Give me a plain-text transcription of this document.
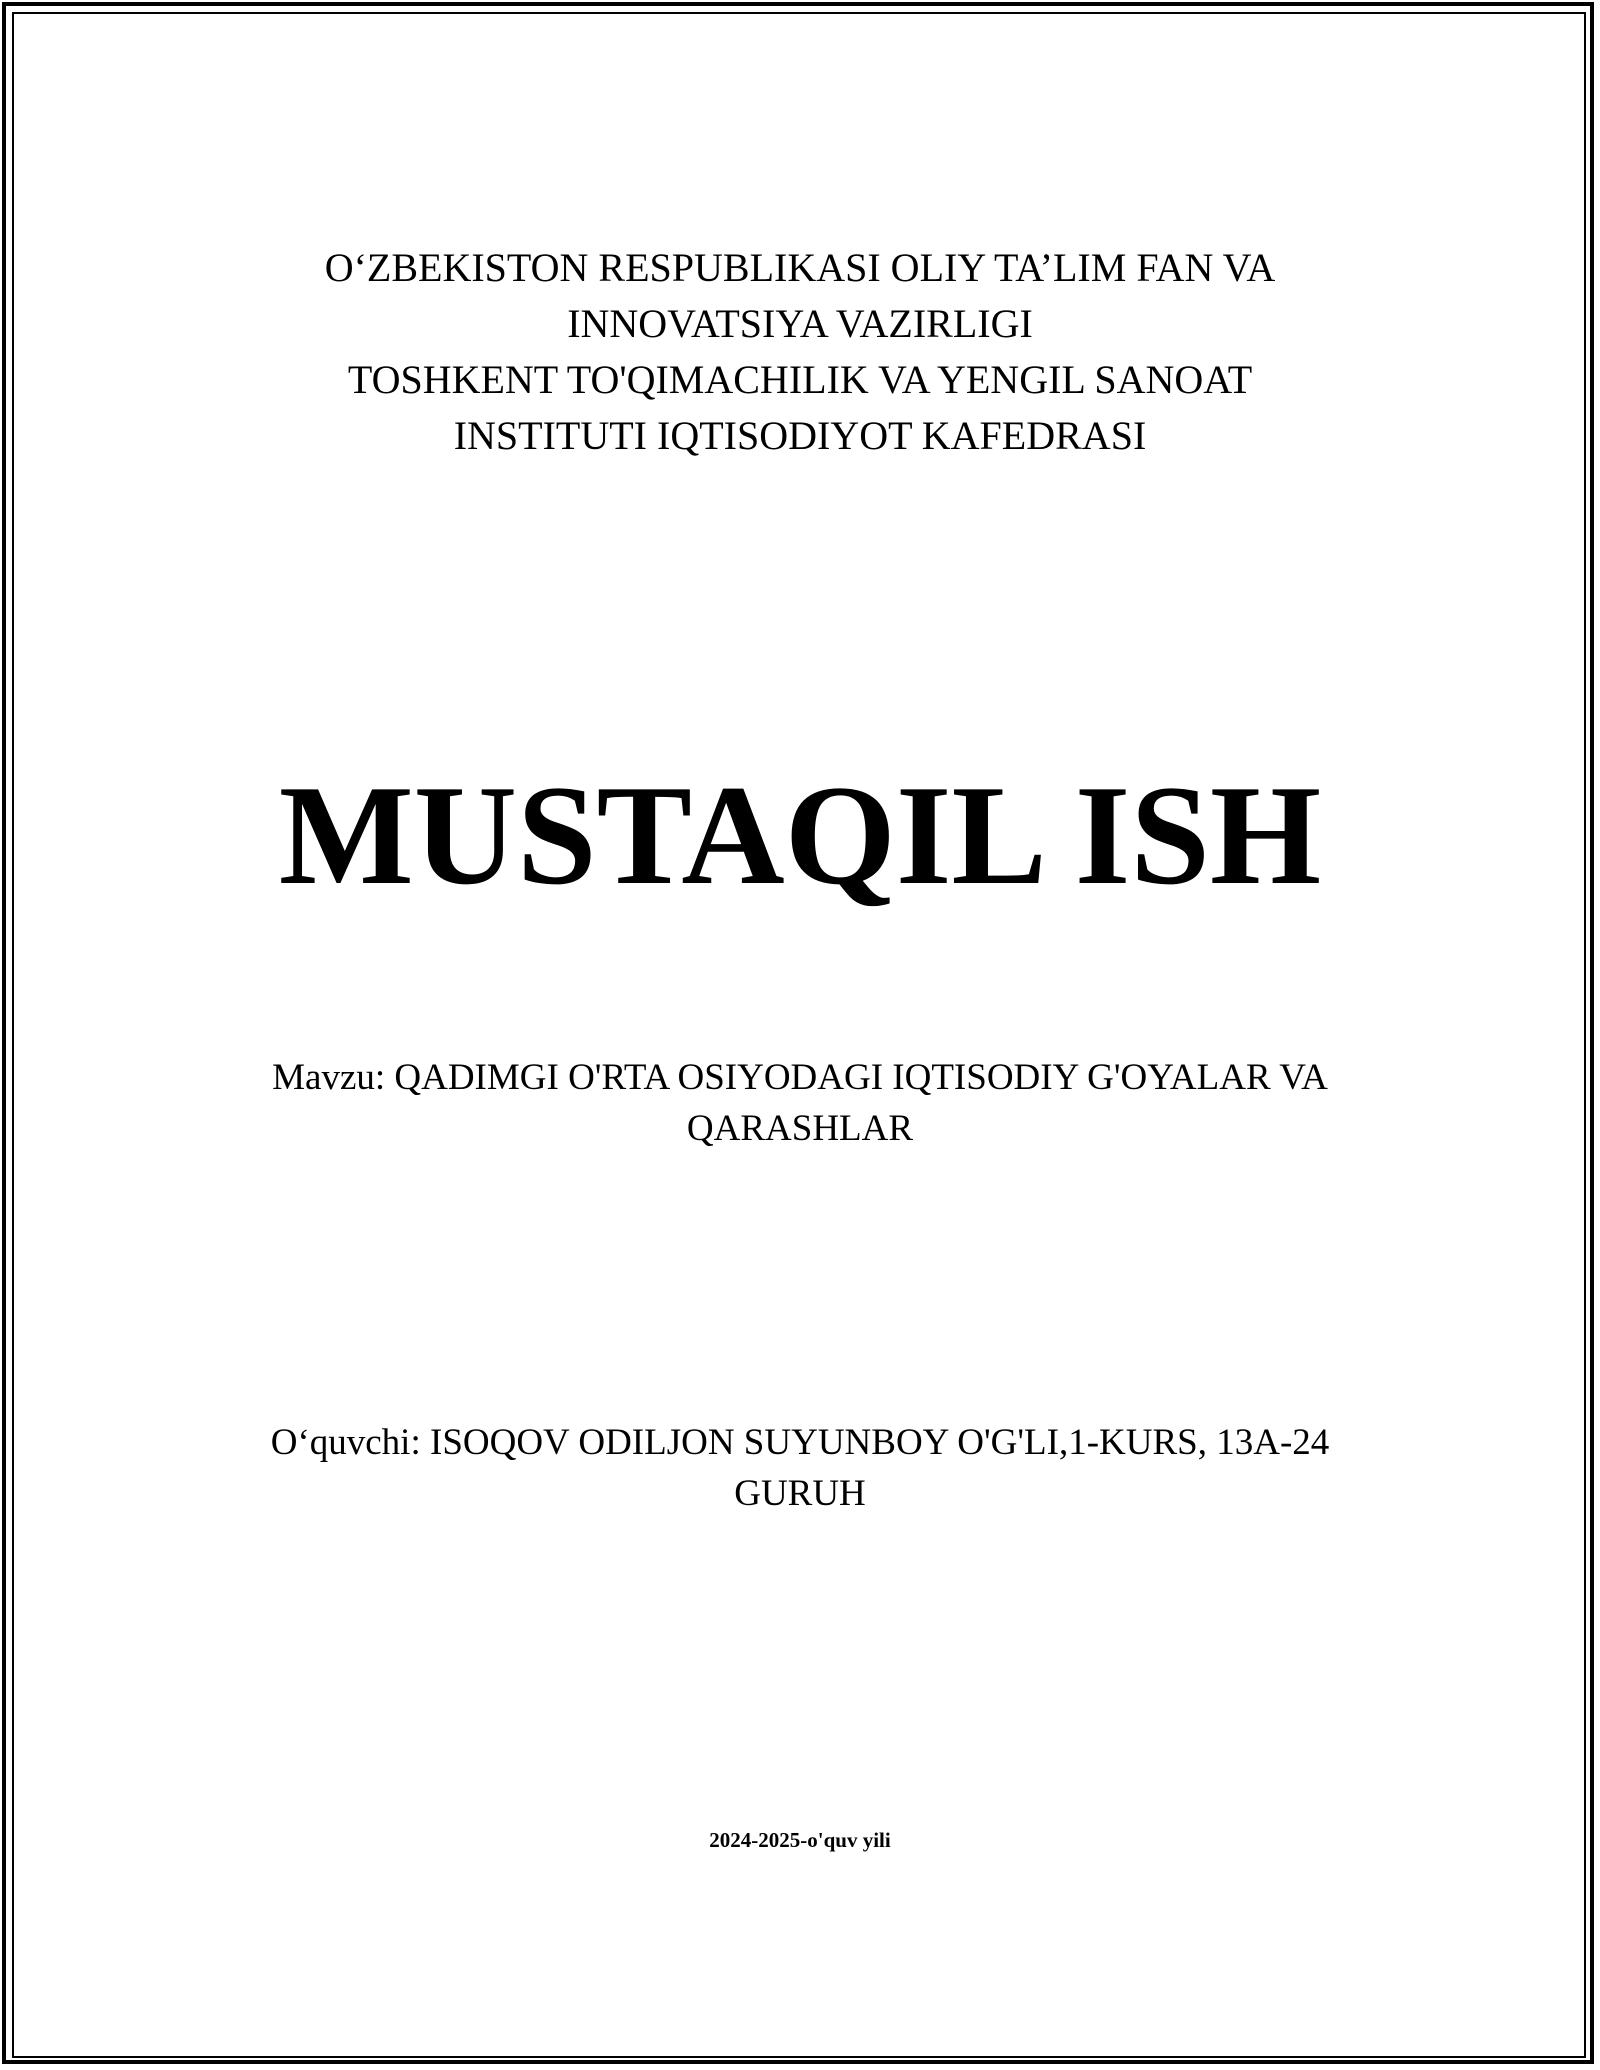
O‘ZBEKISTON RESPUBLIKASI OLIY TA’LIM FAN VA
INNOVATSIYA VAZIRLIGI
TOSHKENT TO'QIMACHILIK VA YENGIL SANOAT
INSTITUTI IQTISODIYOT KAFEDRASI
MUSTAQIL ISH
Mavzu: QADIMGI O'RTA OSIYODAGI IQTISODIY G'OYALAR VA
QARASHLAR
O‘quvchi: ISOQOV ODILJON SUYUNBOY O'G'LI,1-KURS, 13A-24
GURUH
2024-2025-o'quv yili
